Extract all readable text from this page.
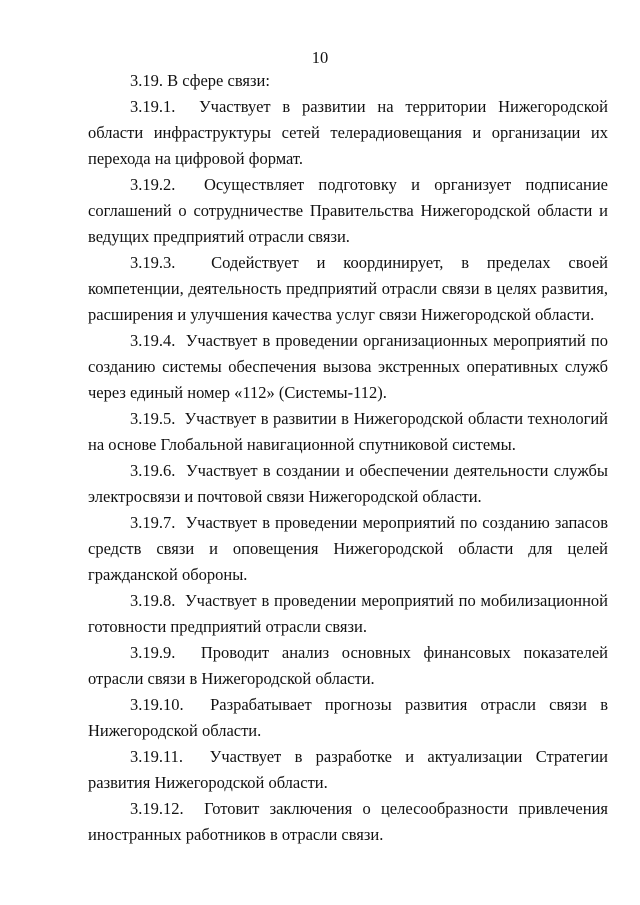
10

3.19. В сфере связи:

3.19.1. Участвует в развитии на территории Нижегородской области инфраструктуры сетей телерадиовещания и организации их перехода на цифровой формат.

3.19.2. Осуществляет подготовку и организует подписание соглашений о сотрудничестве Правительства Нижегородской области и ведущих предприятий отрасли связи.

3.19.3. Содействует и координирует, в пределах своей компетенции, деятельность предприятий отрасли связи в целях развития, расширения и улучшения качества услуг связи Нижегородской области.

3.19.4. Участвует в проведении организационных мероприятий по созданию системы обеспечения вызова экстренных оперативных служб через единый номер «112» (Системы-112).

3.19.5. Участвует в развитии в Нижегородской области технологий на основе Глобальной навигационной спутниковой системы.

3.19.6. Участвует в создании и обеспечении деятельности службы электросвязи и почтовой связи Нижегородской области.

3.19.7. Участвует в проведении мероприятий по созданию запасов средств связи и оповещения Нижегородской области для целей гражданской обороны.

3.19.8. Участвует в проведении мероприятий по мобилизационной готовности предприятий отрасли связи.

3.19.9. Проводит анализ основных финансовых показателей отрасли связи в Нижегородской области.

3.19.10. Разрабатывает прогнозы развития отрасли связи в Нижегородской области.

3.19.11. Участвует в разработке и актуализации Стратегии развития Нижегородской области.

3.19.12. Готовит заключения о целесообразности привлечения иностранных работников в отрасли связи.
